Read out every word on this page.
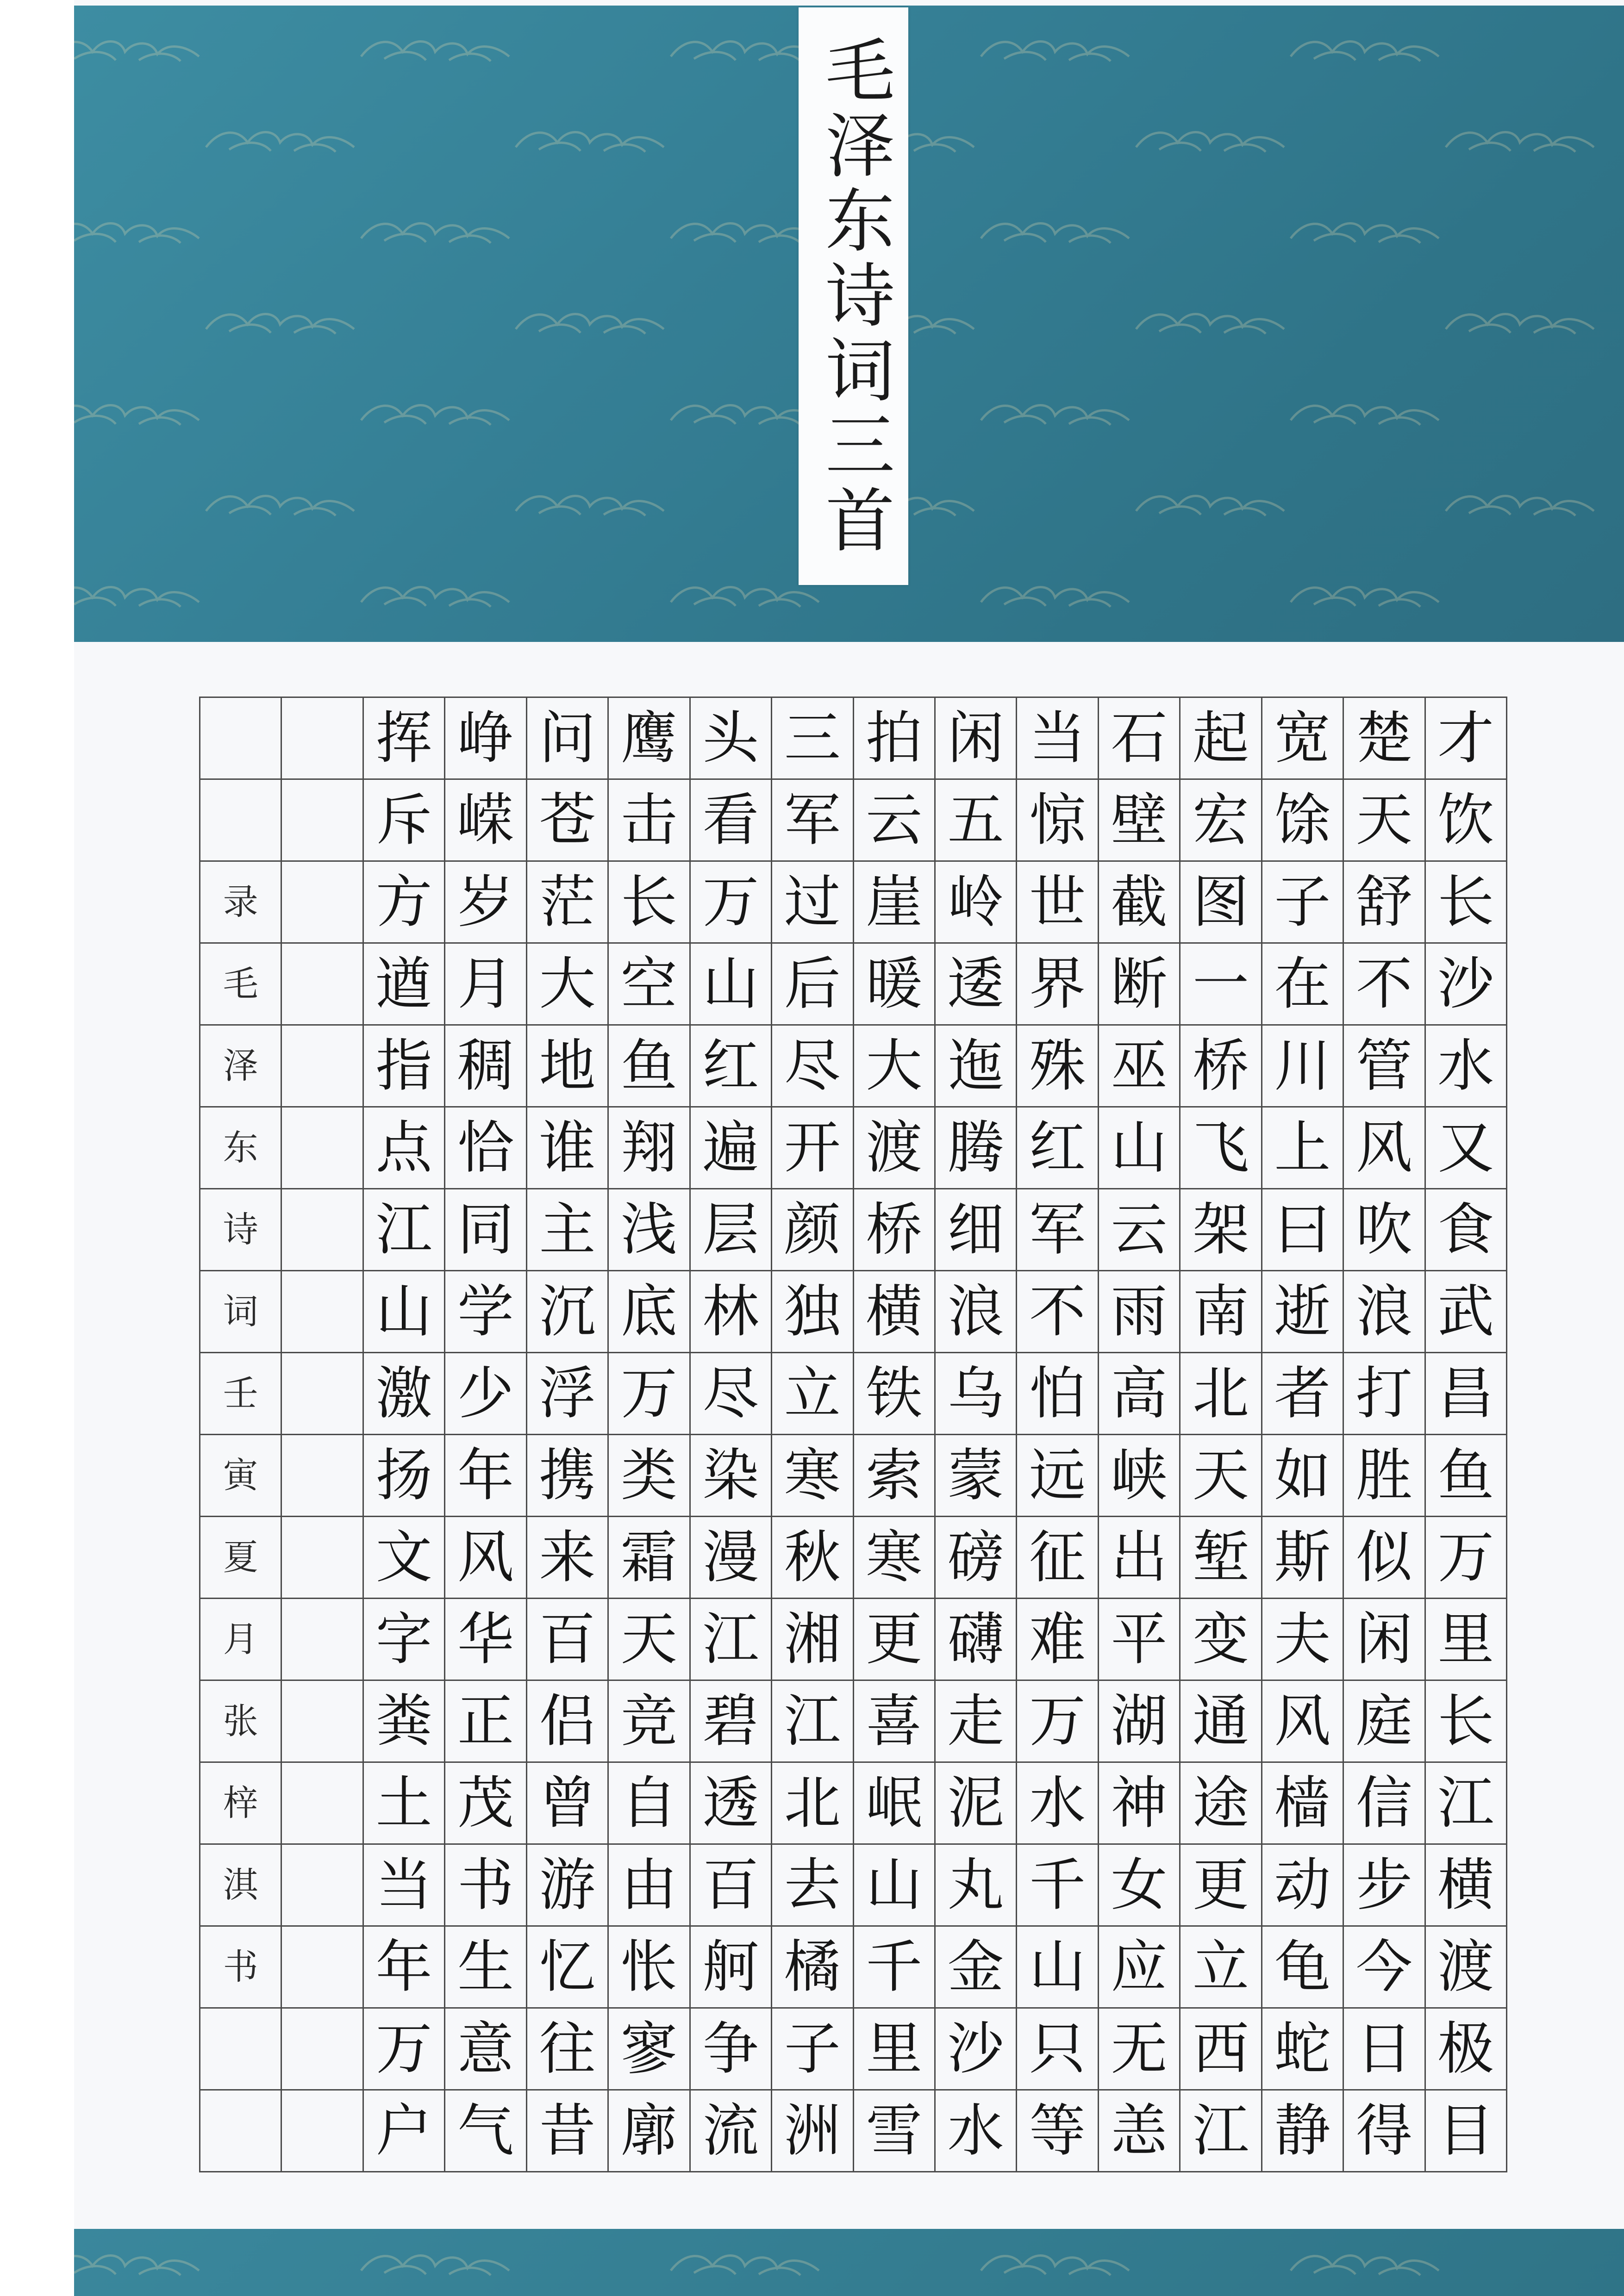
毛泽东诗词三首
挥 峥 问 鹰 头 三 拍 闲 当 石 起 宽 楚 才
斥 嵘 苍 击 看 军 云 五 惊 壁 宏 馀 天 饮
录	方 岁 茫 长 万 过 崖 岭 世 截 图 子 舒 长
毛	遒 月 大 空 山 后 暖 逶 界 断 一 在 不 沙
泽	指 稠 地 鱼 红 尽 大 迤 殊 巫 桥 川 管 水
东	点 恰 谁 翔 遍 开 渡 腾 红 山 飞 上 风 又
诗	江 同 主 浅 层 颜 桥 细 军 云 架 曰 吹 食
词	山 学 沉 底 林 独 横 浪 不 雨 南 逝 浪 武
壬	激 少 浮 万 尽 立 铁 乌 怕 高 北 者 打 昌
寅	扬 年 携 类 染 寒 索 蒙 远 峡 天 如 胜 鱼
夏	文 风 来 霜 漫 秋 寒 磅 征 出 堑 斯 似 万
月	字 华 百 天 江 湘 更 礴 难 平 变 夫 闲 里
张	粪 正 侣 竞 碧 江 喜 走 万 湖 通 风 庭 长
梓	土 茂 曾 自 透 北 岷 泥 水 神 途 樯 信 江
淇	当 书 游 由 百 去 山 丸 千 女 更 动 步 横
书	年 生 忆 怅 舸 橘 千 金 山 应 立 龟 今 渡
万 意 往 寥 争 子 里 沙 只 无 西 蛇 日 极
户 气 昔 廓 流 洲 雪 水 等 恙 江 静 得 目
